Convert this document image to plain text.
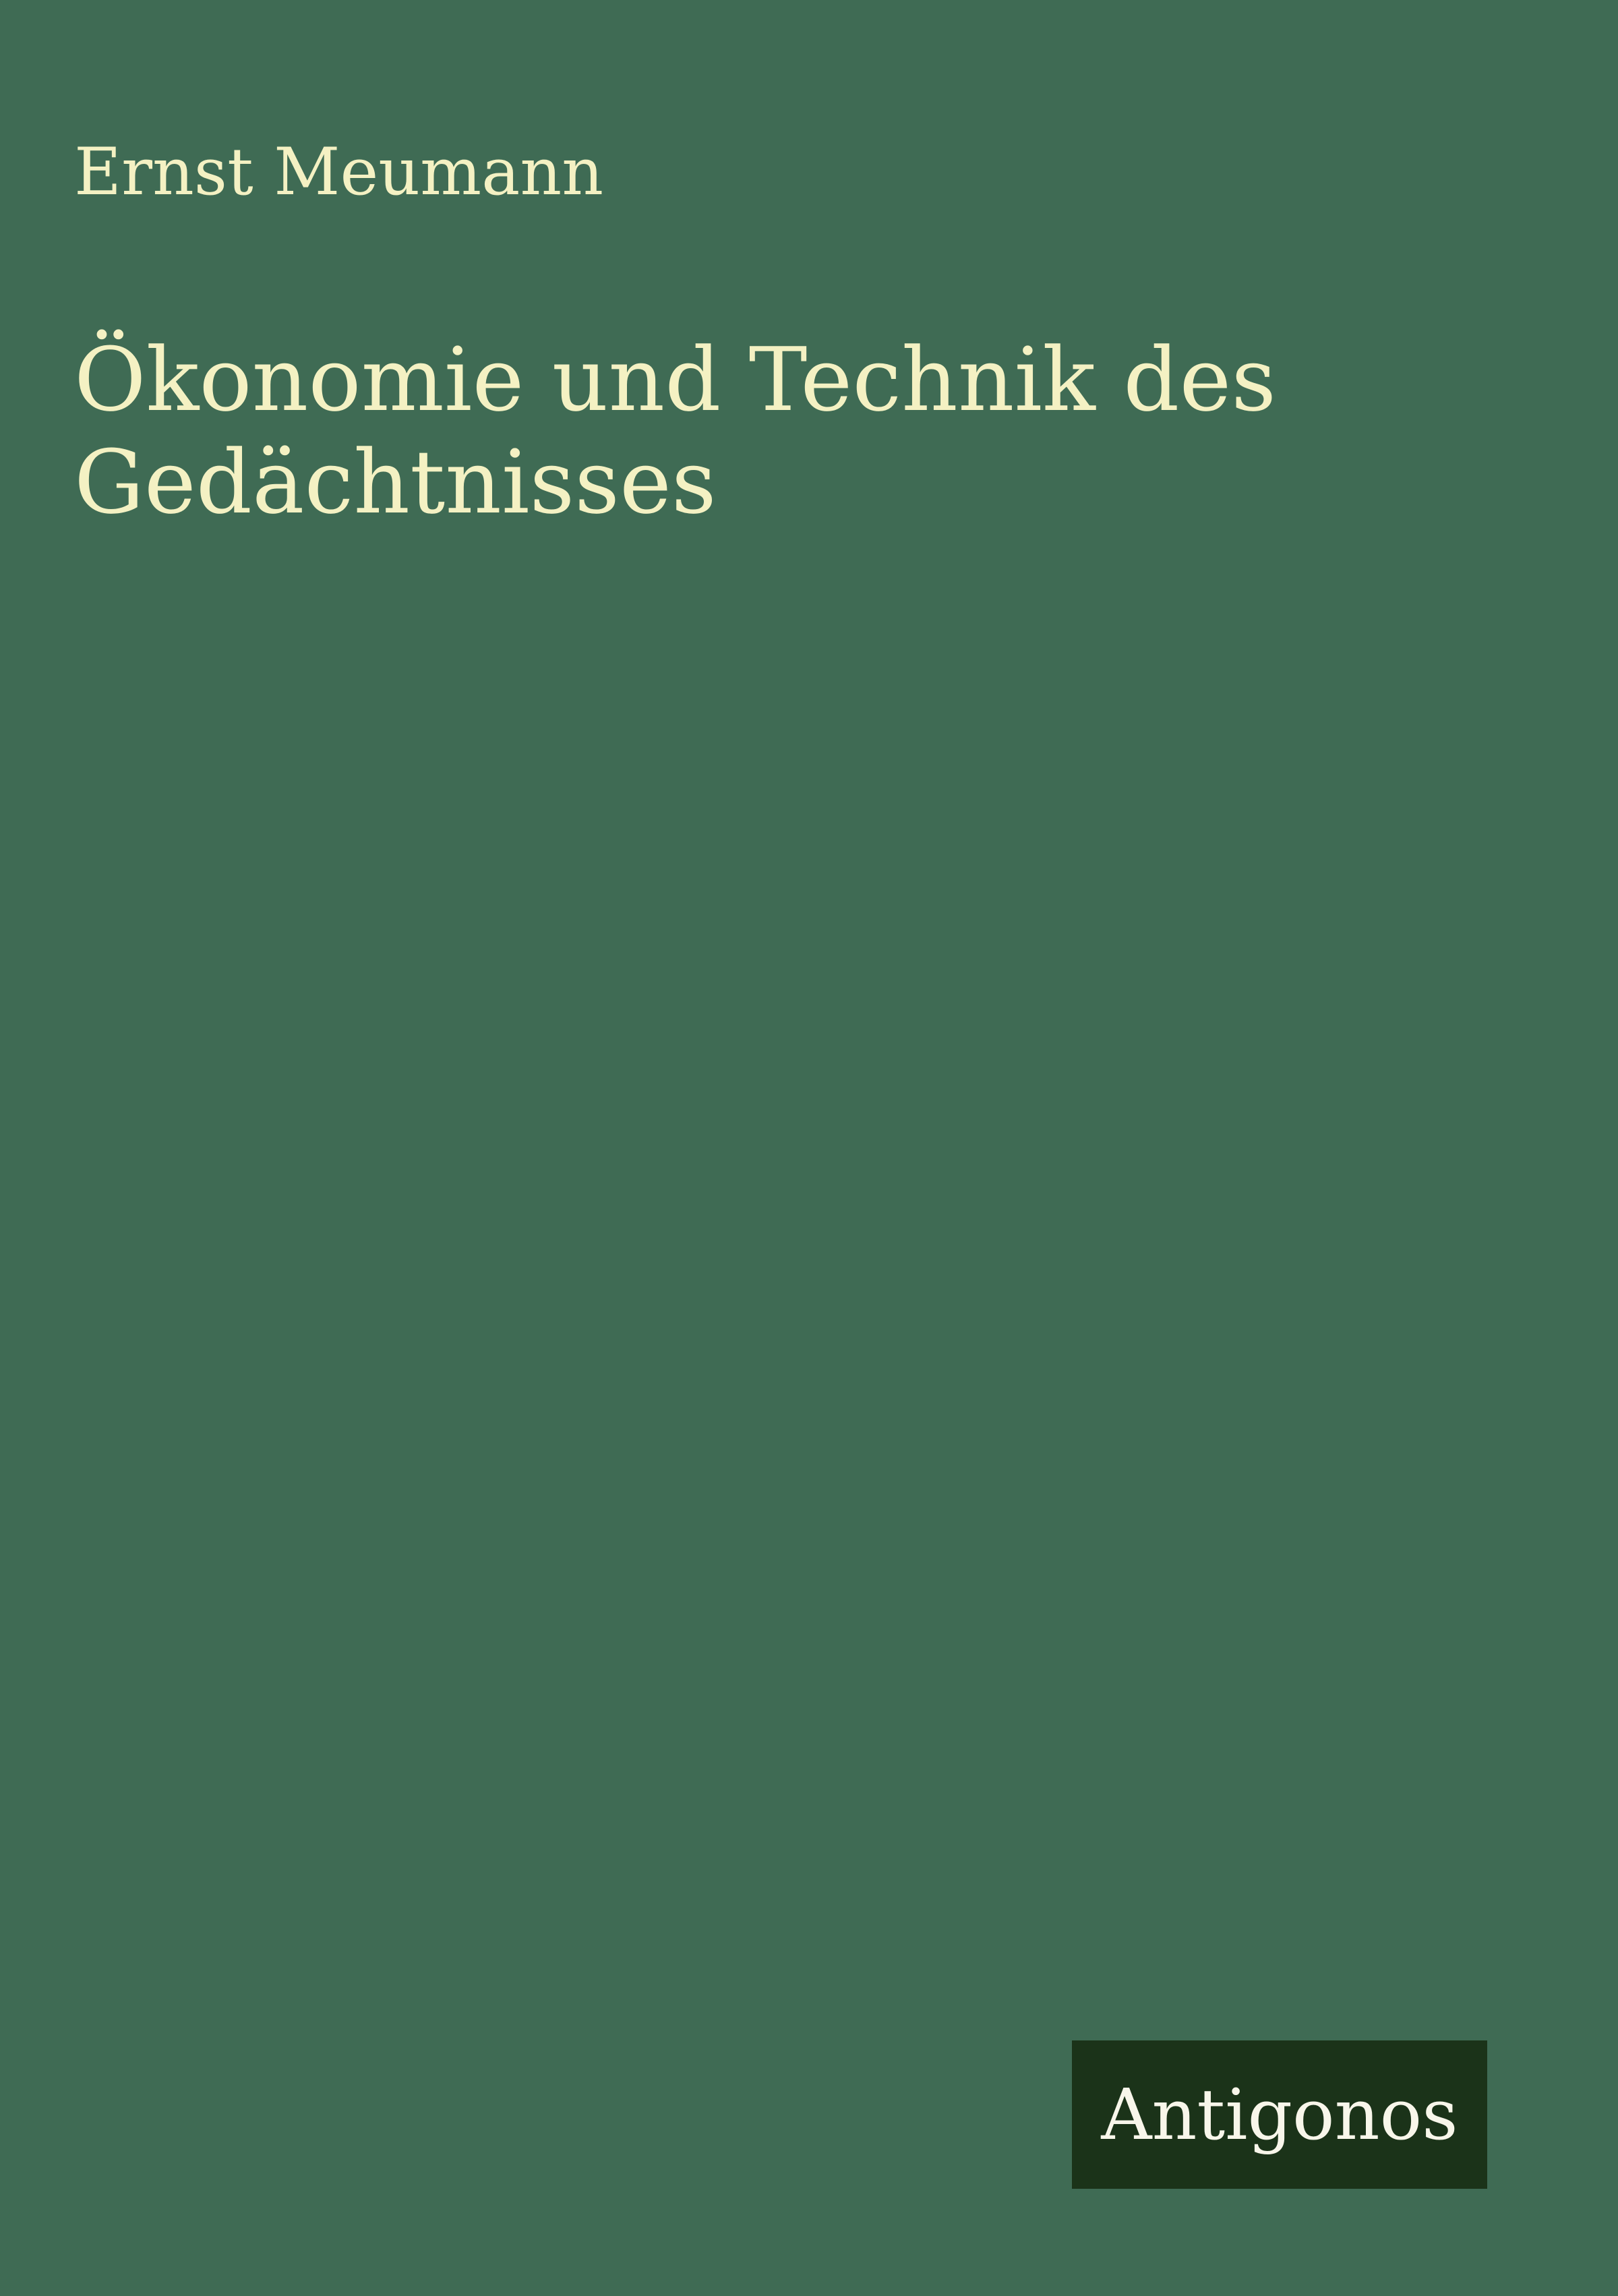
Ernst Meumann
Ökonomie und Technik des
Gedächtnisses
Antigonos
